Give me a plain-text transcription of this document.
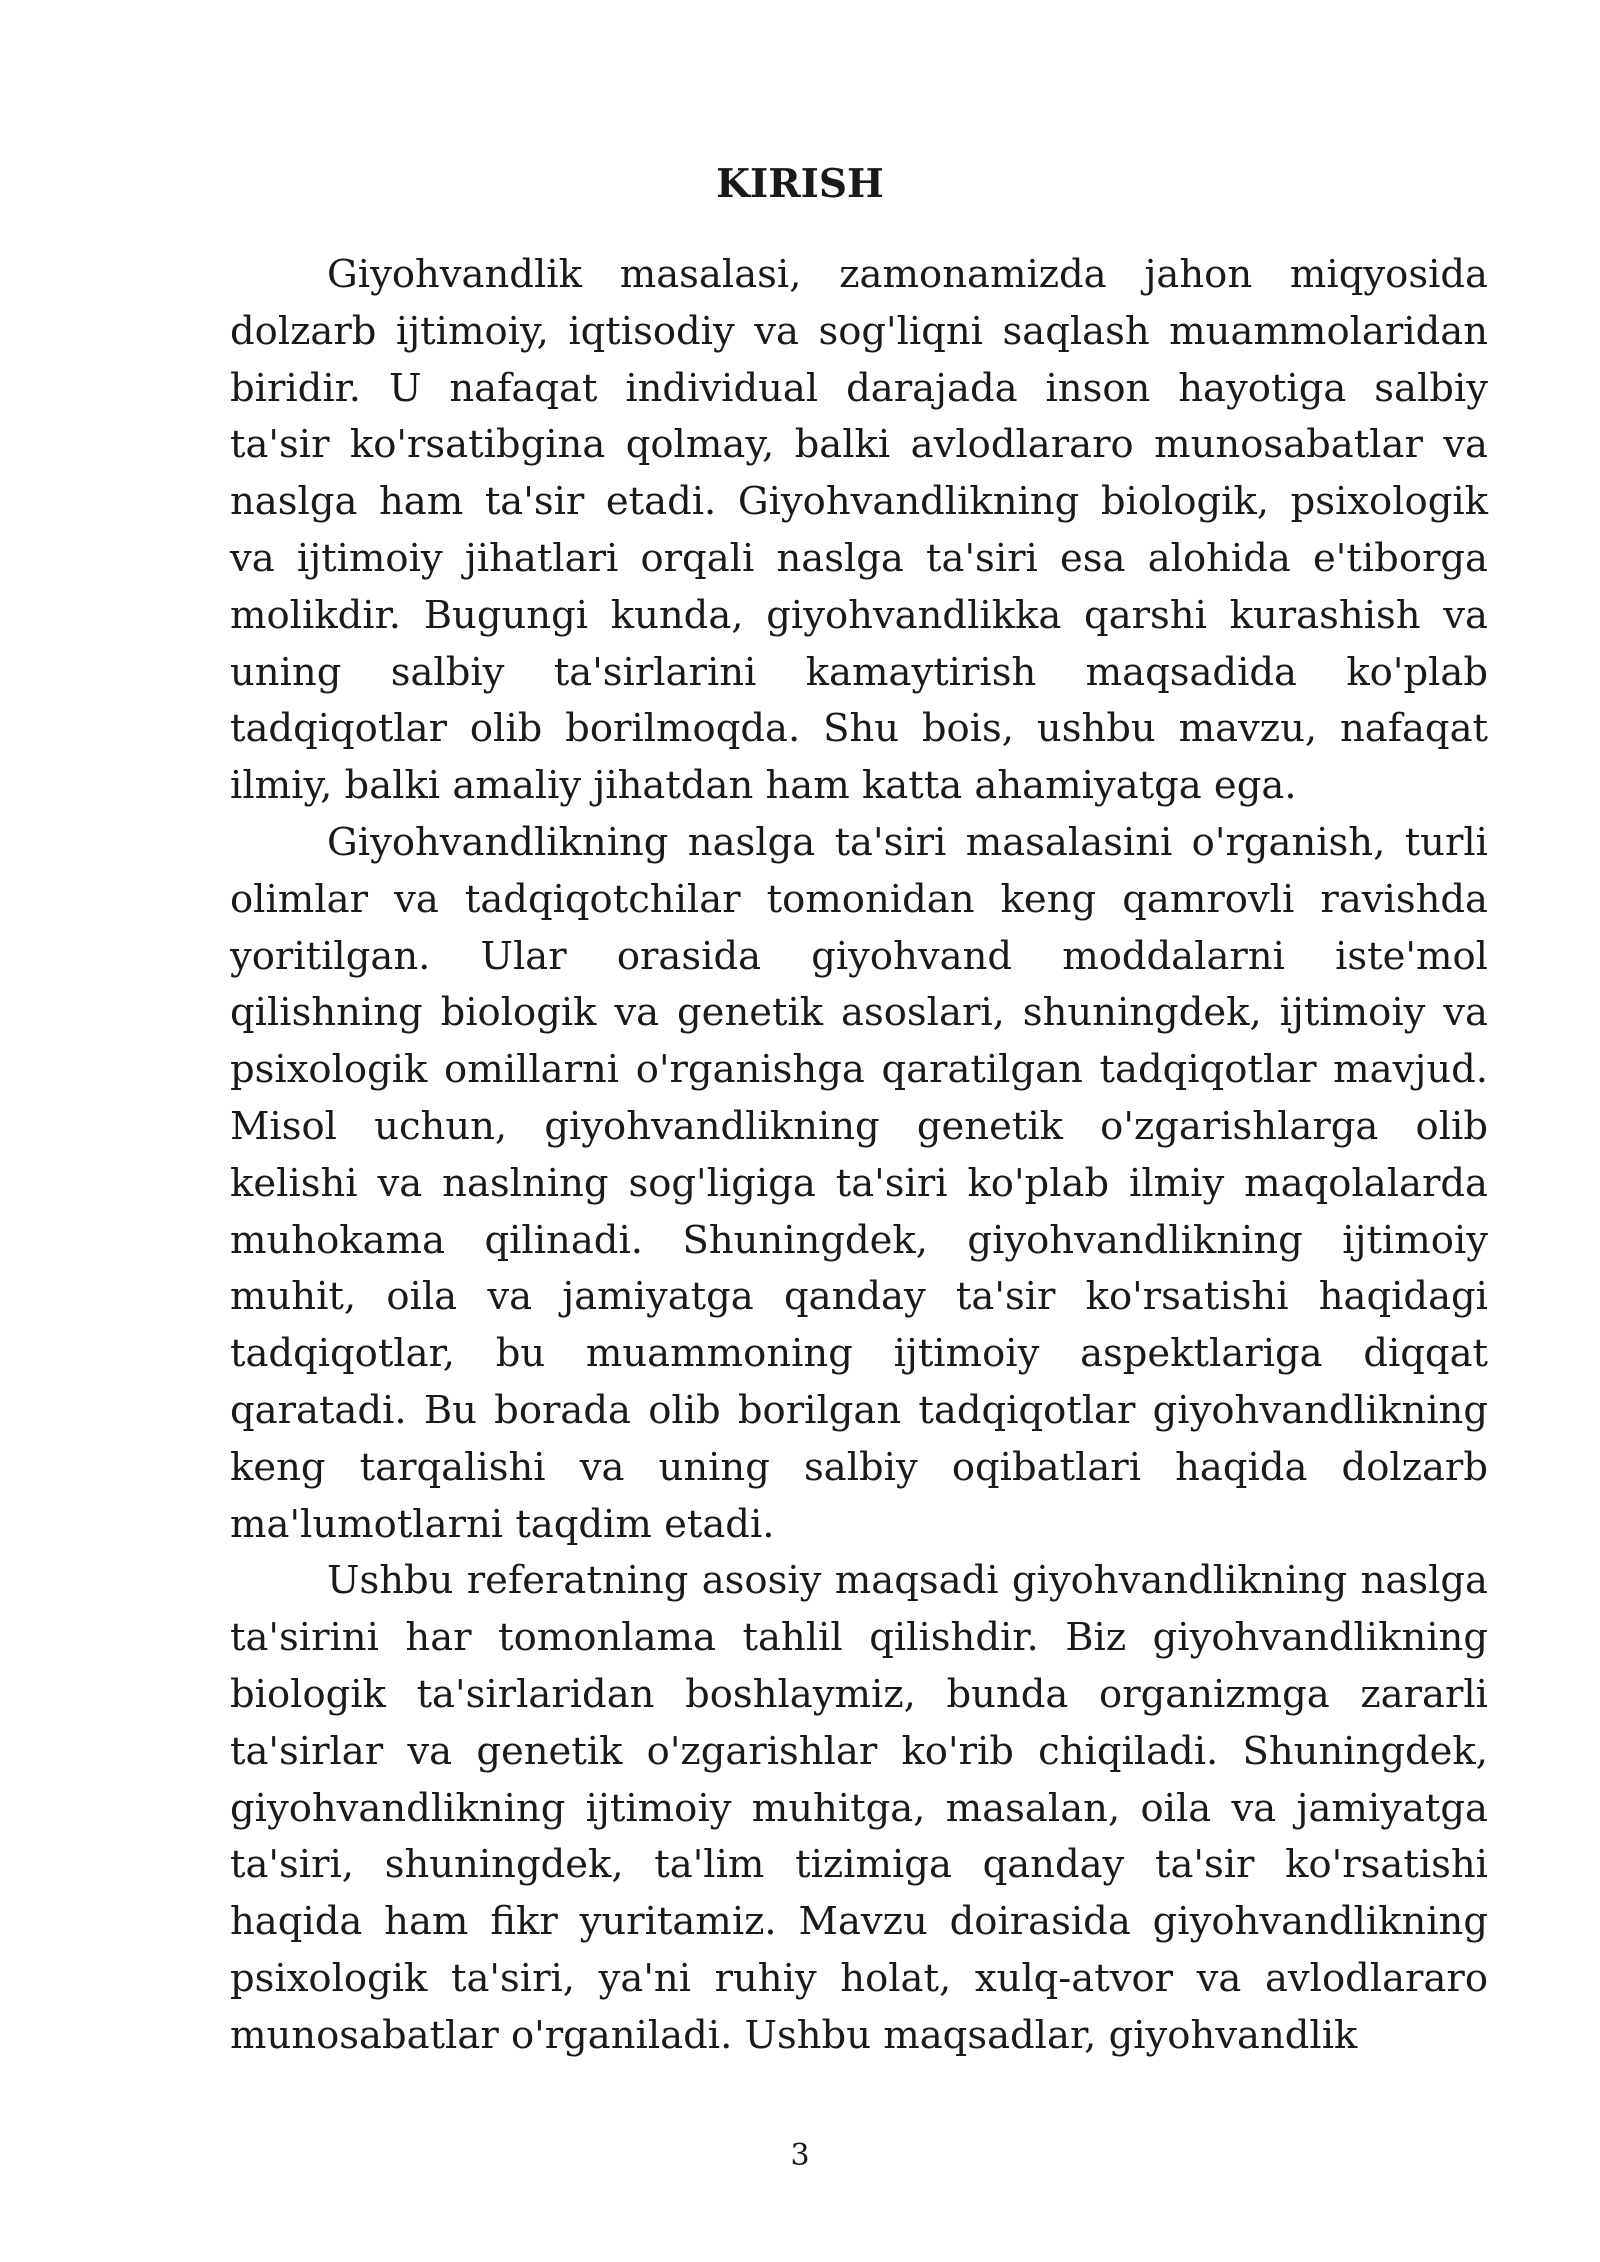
KIRISH

Giyohvandlik masalasi, zamonamizda jahon miqyosida dolzarb ijtimoiy, iqtisodiy va sog'liqni saqlash muammolaridan biridir. U nafaqat individual darajada inson hayotiga salbiy ta'sir ko'rsatibgina qolmay, balki avlodlararo munosabatlar va naslga ham ta'sir etadi. Giyohvandlikning biologik, psixologik va ijtimoiy jihatlari orqali naslga ta'siri esa alohida e'tiborga molikdir. Bugungi kunda, giyohvandlikka qarshi kurashish va uning salbiy ta'sirlarini kamaytirish maqsadida ko'plab tadqiqotlar olib borilmoqda. Shu bois, ushbu mavzu, nafaqat ilmiy, balki amaliy jihatdan ham katta ahamiyatga ega.

Giyohvandlikning naslga ta'siri masalasini o'rganish, turli olimlar va tadqiqotchilar tomonidan keng qamrovli ravishda yoritilgan. Ular orasida giyohvand moddalarni iste'mol qilishning biologik va genetik asoslari, shuningdek, ijtimoiy va psixologik omillarni o'rganishga qaratilgan tadqiqotlar mavjud. Misol uchun, giyohvandlikning genetik o'zgarishlarga olib kelishi va naslning sog'ligiga ta'siri ko'plab ilmiy maqolalarda muhokama qilinadi. Shuningdek, giyohvandlikning ijtimoiy muhit, oila va jamiyatga qanday ta'sir ko'rsatishi haqidagi tadqiqotlar, bu muammoning ijtimoiy aspektlariga diqqat qaratadi. Bu borada olib borilgan tadqiqotlar giyohvandlikning keng tarqalishi va uning salbiy oqibatlari haqida dolzarb ma'lumotlarni taqdim etadi.

Ushbu referatning asosiy maqsadi giyohvandlikning naslga ta'sirini har tomonlama tahlil qilishdir. Biz giyohvandlikning biologik ta'sirlaridan boshlaymiz, bunda organizmga zararli ta'sirlar va genetik o'zgarishlar ko'rib chiqiladi. Shuningdek, giyohvandlikning ijtimoiy muhitga, masalan, oila va jamiyatga ta'siri, shuningdek, ta'lim tizimiga qanday ta'sir ko'rsatishi haqida ham fikr yuritamiz. Mavzu doirasida giyohvandlikning psixologik ta'siri, ya'ni ruhiy holat, xulq-atvor va avlodlararo munosabatlar o'rganiladi. Ushbu maqsadlar, giyohvandlik

3
